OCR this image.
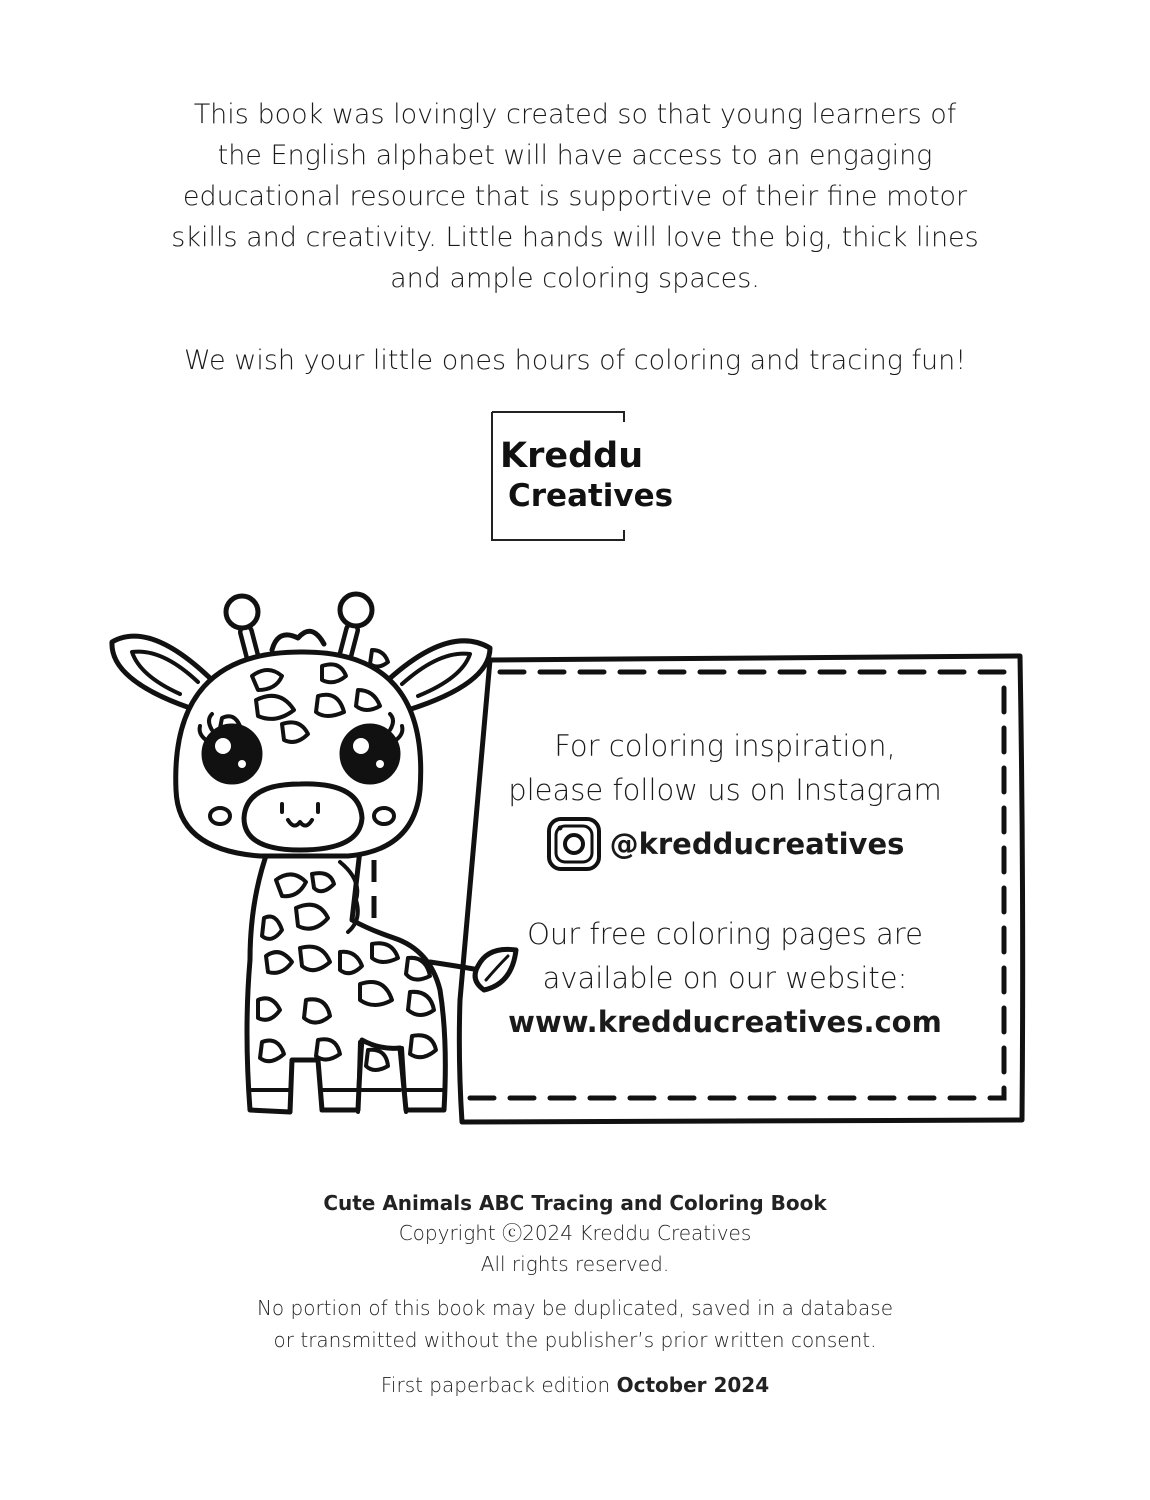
This book was lovingly created so that young learners of

the English alphabet will have access to an engaging

educational resource that is supportive of their fine motor

skills and creativity. Little hands will love the big, thick lines

and ample coloring spaces.

We wish your little ones hours of coloring and tracing fun!

Kreddu
Creatives
For coloring inspiration,
please follow us on Instagram
@kredducreatives
Our free coloring pages are
available on our website:
www.kredducreatives.com
Cute Animals ABC Tracing and Coloring Book
Copyright ⓒ2024 Kreddu Creatives
All rights reserved.
No portion of this book may be duplicated, saved in a database
or transmitted without the publisher’s prior written consent.
First paperback edition October 2024
